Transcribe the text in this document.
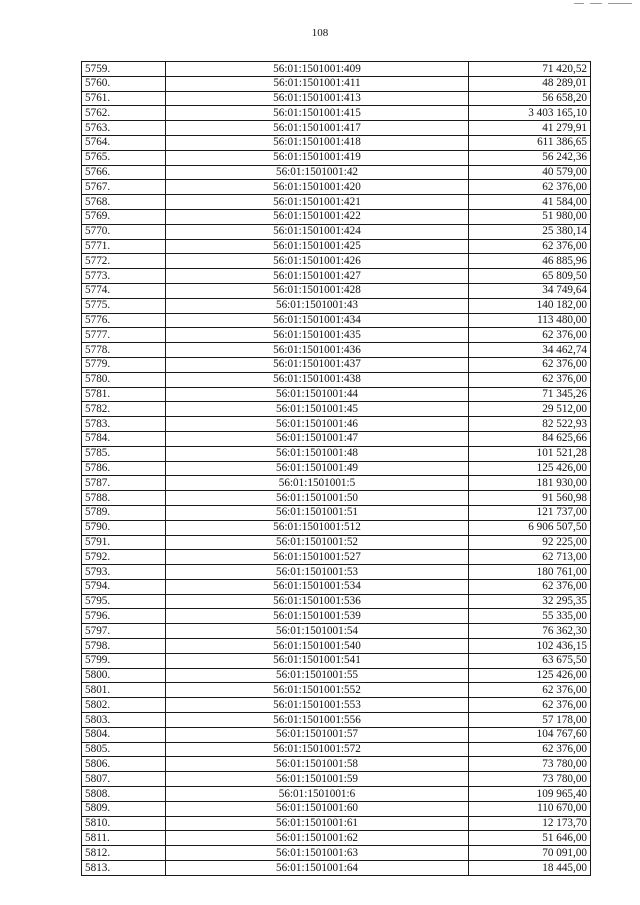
108
5759.	56:01:1501001:409	71 420,52
5760.	56:01:1501001:411	48 289,01
5761.	56:01:1501001:413	56 658,20
5762.	56:01:1501001:415	3 403 165,10
5763.	56:01:1501001:417	41 279,91
5764.	56:01:1501001:418	611 386,65
5765.	56:01:1501001:419	56 242,36
5766.	56:01:1501001:42	40 579,00
5767.	56:01:1501001:420	62 376,00
5768.	56:01:1501001:421	41 584,00
5769.	56:01:1501001:422	51 980,00
5770.	56:01:1501001:424	25 380,14
5771.	56:01:1501001:425	62 376,00
5772.	56:01:1501001:426	46 885,96
5773.	56:01:1501001:427	65 809,50
5774.	56:01:1501001:428	34 749,64
5775.	56:01:1501001:43	140 182,00
5776.	56:01:1501001:434	113 480,00
5777.	56:01:1501001:435	62 376,00
5778.	56:01:1501001:436	34 462,74
5779.	56:01:1501001:437	62 376,00
5780.	56:01:1501001:438	62 376,00
5781.	56:01:1501001:44	71 345,26
5782.	56:01:1501001:45	29 512,00
5783.	56:01:1501001:46	82 522,93
5784.	56:01:1501001:47	84 625,66
5785.	56:01:1501001:48	101 521,28
5786.	56:01:1501001:49	125 426,00
5787.	56:01:1501001:5	181 930,00
5788.	56:01:1501001:50	91 560,98
5789.	56:01:1501001:51	121 737,00
5790.	56:01:1501001:512	6 906 507,50
5791.	56:01:1501001:52	92 225,00
5792.	56:01:1501001:527	62 713,00
5793.	56:01:1501001:53	180 761,00
5794.	56:01:1501001:534	62 376,00
5795.	56:01:1501001:536	32 295,35
5796.	56:01:1501001:539	55 335,00
5797.	56:01:1501001:54	76 362,30
5798.	56:01:1501001:540	102 436,15
5799.	56:01:1501001:541	63 675,50
5800.	56:01:1501001:55	125 426,00
5801.	56:01:1501001:552	62 376,00
5802.	56:01:1501001:553	62 376,00
5803.	56:01:1501001:556	57 178,00
5804.	56:01:1501001:57	104 767,60
5805.	56:01:1501001:572	62 376,00
5806.	56:01:1501001:58	73 780,00
5807.	56:01:1501001:59	73 780,00
5808.	56:01:1501001:6	109 965,40
5809.	56:01:1501001:60	110 670,00
5810.	56:01:1501001:61	12 173,70
5811.	56:01:1501001:62	51 646,00
5812.	56:01:1501001:63	70 091,00
5813.	56:01:1501001:64	18 445,00
